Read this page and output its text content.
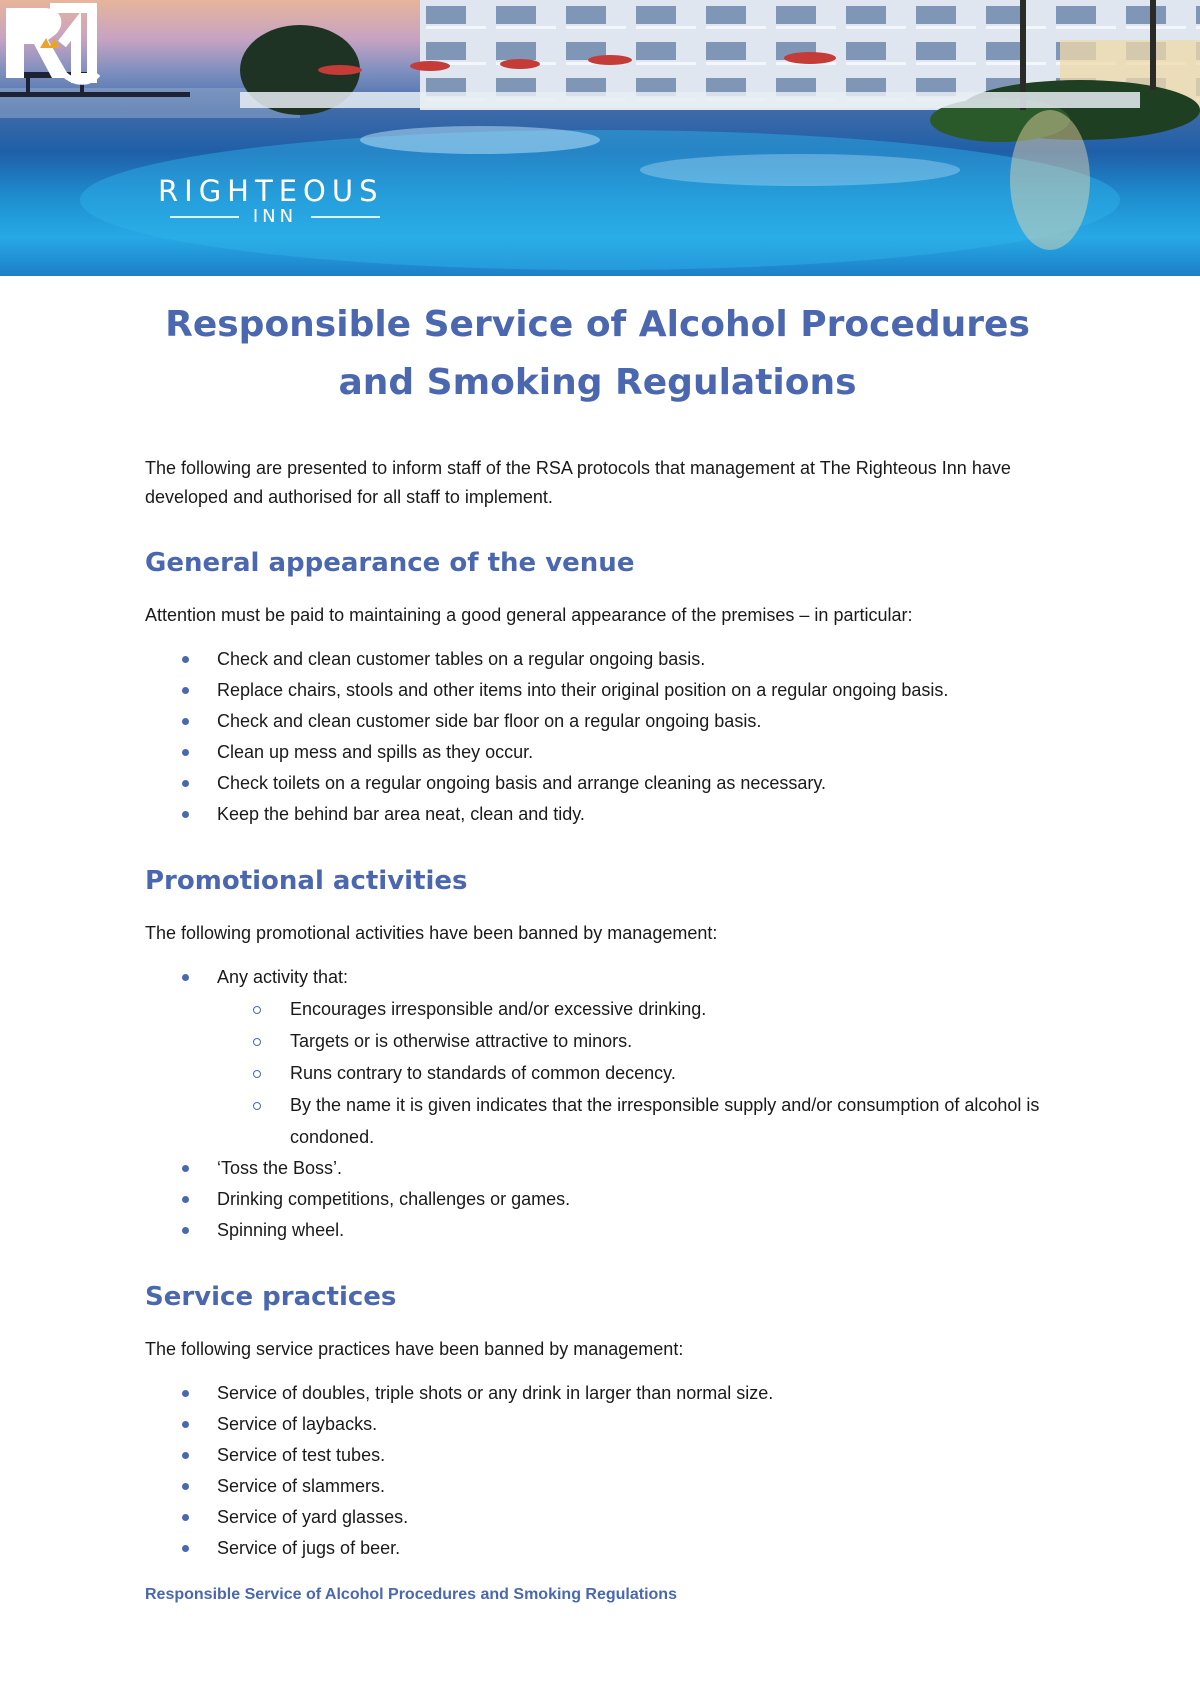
RIGHTEOUS
INN
Responsible Service of Alcohol Procedures and Smoking Regulations

The following are presented to inform staff of the RSA protocols that management at The Righteous Inn have developed and authorised for all staff to implement.

General appearance of the venue

Attention must be paid to maintaining a good general appearance of the premises – in particular:

Check and clean customer tables on a regular ongoing basis.
Replace chairs, stools and other items into their original position on a regular ongoing basis.
Check and clean customer side bar floor on a regular ongoing basis.
Clean up mess and spills as they occur.
Check toilets on a regular ongoing basis and arrange cleaning as necessary.
Keep the behind bar area neat, clean and tidy.
Promotional activities

The following promotional activities have been banned by management:

Any activity that:
Encourages irresponsible and/or excessive drinking.
Targets or is otherwise attractive to minors.
Runs contrary to standards of common decency.
By the name it is given indicates that the irresponsible supply and/or consumption of alcohol is condoned.
‘Toss the Boss’.
Drinking competitions, challenges or games.
Spinning wheel.
Service practices

The following service practices have been banned by management:

Service of doubles, triple shots or any drink in larger than normal size.
Service of laybacks.
Service of test tubes.
Service of slammers.
Service of yard glasses.
Service of jugs of beer.
Responsible Service of Alcohol Procedures and Smoking Regulations
